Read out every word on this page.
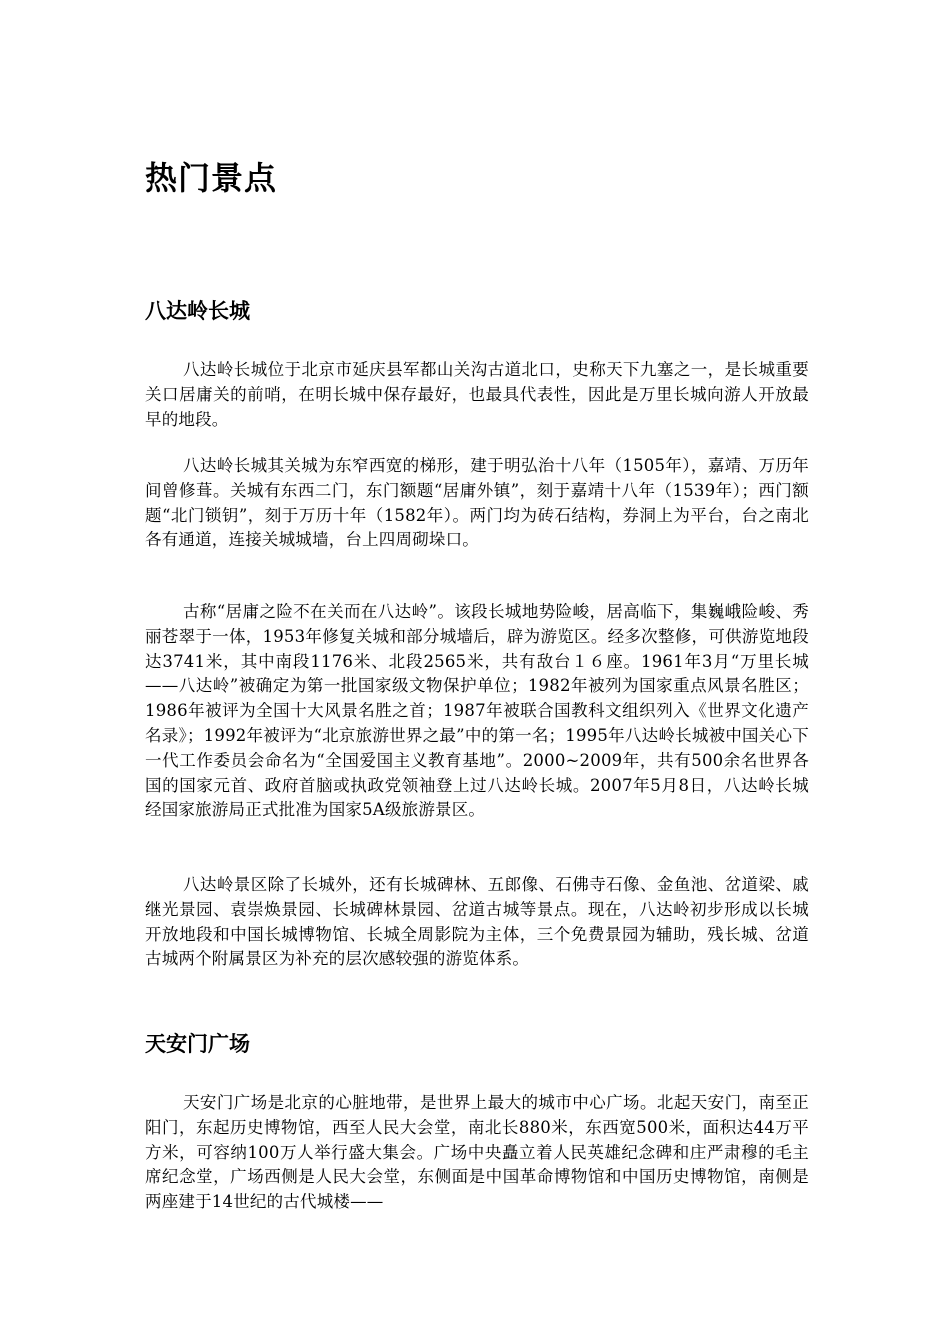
热门景点
八达岭长城

八达岭长城位于北京市延庆县军都山关沟古道北口，史称天下九塞之一，是长城重要关口居庸关的前哨，在明长城中保存最好，也最具代表性，因此是万里长城向游人开放最早的地段。

八达岭长城其关城为东窄西宽的梯形，建于明弘治十八年（1505年），嘉靖、万历年间曾修葺。关城有东西二门，东门额题“居庸外镇”，刻于嘉靖十八年（1539年）；西门额题“北门锁钥”，刻于万历十年（1582年）。两门均为砖石结构，券洞上为平台，台之南北各有通道，连接关城城墙，台上四周砌垛口。

古称“居庸之险不在关而在八达岭”。该段长城地势险峻，居高临下，集巍峨险峻、秀丽苍翠于一体，1953年修复关城和部分城墙后，辟为游览区。经多次整修，可供游览地段达3741米，其中南段1176米、北段2565米，共有敌台１６座。1961年3月“万里长城——八达岭”被确定为第一批国家级文物保护单位；1982年被列为国家重点风景名胜区；1986年被评为全国十大风景名胜之首；1987年被联合国教科文组织列入《世界文化遗产名录》；1992年被评为“北京旅游世界之最”中的第一名；1995年八达岭长城被中国关心下一代工作委员会命名为“全国爱国主义教育基地”。2000~2009年，共有500余名世界各国的国家元首、政府首脑或执政党领袖登上过八达岭长城。2007年5月8日，八达岭长城经国家旅游局正式批准为国家5A级旅游景区。

八达岭景区除了长城外，还有长城碑林、五郎像、石佛寺石像、金鱼池、岔道梁、戚继光景园、袁崇焕景园、长城碑林景园、岔道古城等景点。现在，八达岭初步形成以长城开放地段和中国长城博物馆、长城全周影院为主体，三个免费景园为辅助，残长城、岔道古城两个附属景区为补充的层次感较强的游览体系。

天安门广场

天安门广场是北京的心脏地带，是世界上最大的城市中心广场。北起天安门，南至正阳门，东起历史博物馆，西至人民大会堂，南北长880米，东西宽500米，面积达44万平方米，可容纳100万人举行盛大集会。广场中央矗立着人民英雄纪念碑和庄严肃穆的毛主席纪念堂，广场西侧是人民大会堂，东侧面是中国革命博物馆和中国历史博物馆，南侧是两座建于14世纪的古代城楼——
